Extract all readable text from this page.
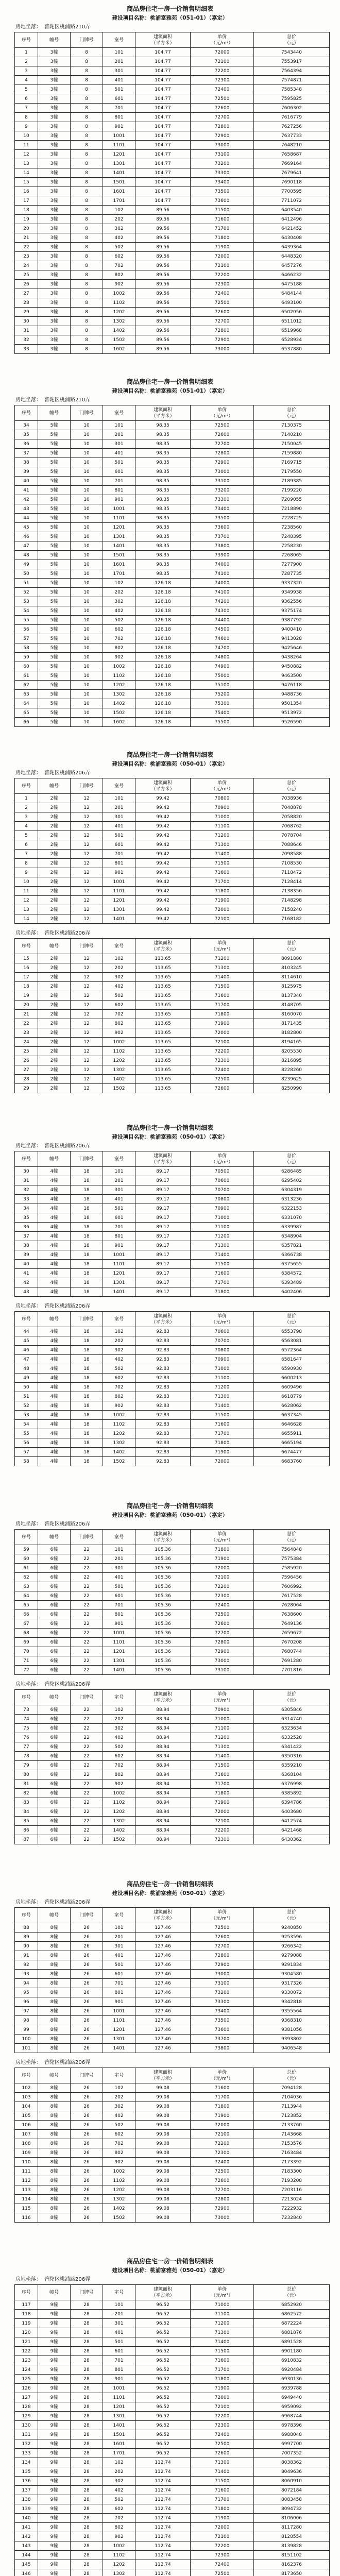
商品房住宅一房一价销售明细表
建设项目名称：桃浦富雅苑（051-01）（嘉定）
房地坐落： 普陀区桃浦路210弄
序号	幢号	门牌号	室号	建筑面积
（平方米）	单价
（元/m²）	总价
（元）
1	3幢	8	101	104.77	72000	7543440
2	3幢	8	201	104.77	72100	7553917
3	3幢	8	301	104.77	72200	7564394
4	3幢	8	401	104.77	72300	7574871
5	3幢	8	501	104.77	72400	7585348
6	3幢	8	601	104.77	72500	7595825
7	3幢	8	701	104.77	72600	7606302
8	3幢	8	801	104.77	72700	7616779
9	3幢	8	901	104.77	72800	7627256
10	3幢	8	1001	104.77	72900	7637733
11	3幢	8	1101	104.77	73000	7648210
12	3幢	8	1201	104.77	73100	7658687
13	3幢	8	1301	104.77	73200	7669164
14	3幢	8	1401	104.77	73300	7679641
15	3幢	8	1501	104.77	73400	7690118
16	3幢	8	1601	104.77	73500	7700595
17	3幢	8	1701	104.77	73600	7711072
18	3幢	8	102	89.56	71500	6403540
19	3幢	8	202	89.56	71600	6412496
20	3幢	8	302	89.56	71700	6421452
21	3幢	8	402	89.56	71800	6430408
22	3幢	8	502	89.56	71900	6439364
23	3幢	8	602	89.56	72000	6448320
24	3幢	8	702	89.56	72100	6457276
25	3幢	8	802	89.56	72200	6466232
26	3幢	8	902	89.56	72300	6475188
27	3幢	8	1002	89.56	72400	6484144
28	3幢	8	1102	89.56	72500	6493100
29	3幢	8	1202	89.56	72600	6502056
30	3幢	8	1302	89.56	72700	6511012
31	3幢	8	1402	89.56	72800	6519968
32	3幢	8	1502	89.56	72900	6528924
33	3幢	8	1602	89.56	73000	6537880
商品房住宅一房一价销售明细表
建设项目名称：桃浦富雅苑（051-01）（嘉定）
房地坐落： 普陀区桃浦路210弄
序号	幢号	门牌号	室号	建筑面积
（平方米）	单价
（元/m²）	总价
（元）
34	5幢	10	101	98.35	72500	7130375
35	5幢	10	201	98.35	72600	7140210
36	5幢	10	301	98.35	72700	7150045
37	5幢	10	401	98.35	72800	7159880
38	5幢	10	501	98.35	72900	7169715
39	5幢	10	601	98.35	73000	7179550
40	5幢	10	701	98.35	73100	7189385
41	5幢	10	801	98.35	73200	7199220
42	5幢	10	901	98.35	73300	7209055
43	5幢	10	1001	98.35	73400	7218890
44	5幢	10	1101	98.35	73500	7228725
45	5幢	10	1201	98.35	73600	7238560
46	5幢	10	1301	98.35	73700	7248395
47	5幢	10	1401	98.35	73800	7258230
48	5幢	10	1501	98.35	73900	7268065
49	5幢	10	1601	98.35	74000	7277900
50	5幢	10	1701	98.35	74100	7287735
51	5幢	10	102	126.18	74000	9337320
52	5幢	10	202	126.18	74100	9349938
53	5幢	10	302	126.18	74200	9362556
54	5幢	10	402	126.18	74300	9375174
55	5幢	10	502	126.18	74400	9387792
56	5幢	10	602	126.18	74500	9400410
57	5幢	10	702	126.18	74600	9413028
58	5幢	10	802	126.18	74700	9425646
59	5幢	10	902	126.18	74800	9438264
60	5幢	10	1002	126.18	74900	9450882
61	5幢	10	1102	126.18	75000	9463500
62	5幢	10	1202	126.18	75100	9476118
63	5幢	10	1302	126.18	75200	9488736
64	5幢	10	1402	126.18	75300	9501354
65	5幢	10	1502	126.18	75400	9513972
66	5幢	10	1602	126.18	75500	9526590
商品房住宅一房一价销售明细表
建设项目名称：桃浦富雅苑（050-01）（嘉定）
房地坐落： 普陀区桃浦路206弄
序号	幢号	门牌号	室号	建筑面积
（平方米）	单价
（元/m²）	总价
（元）
1	2幢	12	101	99.42	70800	7038936
2	2幢	12	201	99.42	70900	7048878
3	2幢	12	301	99.42	71000	7058820
4	2幢	12	401	99.42	71100	7068762
5	2幢	12	501	99.42	71200	7078704
6	2幢	12	601	99.42	71300	7088646
7	2幢	12	701	99.42	71400	7098588
8	2幢	12	801	99.42	71500	7108530
9	2幢	12	901	99.42	71600	7118472
10	2幢	12	1001	99.42	71700	7128414
11	2幢	12	1101	99.42	71800	7138356
12	2幢	12	1201	99.42	71900	7148298
13	2幢	12	1301	99.42	72000	7158240
14	2幢	12	1401	99.42	72100	7168182
房地坐落： 普陀区桃浦路206弄
序号	幢号	门牌号	室号	建筑面积
（平方米）	单价
（元/m²）	总价
（元）
15	2幢	12	102	113.65	71200	8091880
16	2幢	12	202	113.65	71300	8103245
17	2幢	12	302	113.65	71400	8114610
18	2幢	12	402	113.65	71500	8125975
19	2幢	12	502	113.65	71600	8137340
20	2幢	12	602	113.65	71700	8148705
21	2幢	12	702	113.65	71800	8160070
22	2幢	12	802	113.65	71900	8171435
23	2幢	12	902	113.65	72000	8182800
24	2幢	12	1002	113.65	72100	8194165
25	2幢	12	1102	113.65	72200	8205530
26	2幢	12	1202	113.65	72300	8216895
27	2幢	12	1302	113.65	72400	8228260
28	2幢	12	1402	113.65	72500	8239625
29	2幢	12	1502	113.65	72600	8250990
商品房住宅一房一价销售明细表
建设项目名称：桃浦富雅苑（050-01）（嘉定）
房地坐落： 普陀区桃浦路206弄
序号	幢号	门牌号	室号	建筑面积
（平方米）	单价
（元/m²）	总价
（元）
30	4幢	18	101	89.17	70500	6286485
31	4幢	18	201	89.17	70600	6295402
32	4幢	18	301	89.17	70700	6304319
33	4幢	18	401	89.17	70800	6313236
34	4幢	18	501	89.17	70900	6322153
35	4幢	18	601	89.17	71000	6331070
36	4幢	18	701	89.17	71100	6339987
37	4幢	18	801	89.17	71200	6348904
38	4幢	18	901	89.17	71300	6357821
39	4幢	18	1001	89.17	71400	6366738
40	4幢	18	1101	89.17	71500	6375655
41	4幢	18	1201	89.17	71600	6384572
42	4幢	18	1301	89.17	71700	6393489
43	4幢	18	1401	89.17	71800	6402406
房地坐落： 普陀区桃浦路206弄
序号	幢号	门牌号	室号	建筑面积
（平方米）	单价
（元/m²）	总价
（元）
44	4幢	18	102	92.83	70600	6553798
45	4幢	18	202	92.83	70700	6563081
46	4幢	18	302	92.83	70800	6572364
47	4幢	18	402	92.83	70900	6581647
48	4幢	18	502	92.83	71000	6590930
49	4幢	18	602	92.83	71100	6600213
50	4幢	18	702	92.83	71200	6609496
51	4幢	18	802	92.83	71300	6618779
52	4幢	18	902	92.83	71400	6628062
53	4幢	18	1002	92.83	71500	6637345
54	4幢	18	1102	92.83	71600	6646628
55	4幢	18	1202	92.83	71700	6655911
56	4幢	18	1302	92.83	71800	6665194
57	4幢	18	1402	92.83	71900	6674477
58	4幢	18	1502	92.83	72000	6683760
商品房住宅一房一价销售明细表
建设项目名称：桃浦富雅苑（050-01）（嘉定）
房地坐落： 普陀区桃浦路206弄
序号	幢号	门牌号	室号	建筑面积
（平方米）	单价
（元/m²）	总价
（元）
59	6幢	22	101	105.36	71800	7564848
60	6幢	22	201	105.36	71900	7575384
61	6幢	22	301	105.36	72000	7585920
62	6幢	22	401	105.36	72100	7596456
63	6幢	22	501	105.36	72200	7606992
64	6幢	22	601	105.36	72300	7617528
65	6幢	22	701	105.36	72400	7628064
66	6幢	22	801	105.36	72500	7638600
67	6幢	22	901	105.36	72600	7649136
68	6幢	22	1001	105.36	72700	7659672
69	6幢	22	1101	105.36	72800	7670208
70	6幢	22	1201	105.36	72900	7680744
71	6幢	22	1301	105.36	73000	7691280
72	6幢	22	1401	105.36	73100	7701816
房地坐落： 普陀区桃浦路206弄
序号	幢号	门牌号	室号	建筑面积
（平方米）	单价
（元/m²）	总价
（元）
73	6幢	22	102	88.94	70900	6305846
74	6幢	22	202	88.94	71000	6314740
75	6幢	22	302	88.94	71100	6323634
76	6幢	22	402	88.94	71200	6332528
77	6幢	22	502	88.94	71300	6341422
78	6幢	22	602	88.94	71400	6350316
79	6幢	22	702	88.94	71500	6359210
80	6幢	22	802	88.94	71600	6368104
81	6幢	22	902	88.94	71700	6376998
82	6幢	22	1002	88.94	71800	6385892
83	6幢	22	1102	88.94	71900	6394786
84	6幢	22	1202	88.94	72000	6403680
85	6幢	22	1302	88.94	72100	6412574
86	6幢	22	1402	88.94	72200	6421468
87	6幢	22	1502	88.94	72300	6430362
商品房住宅一房一价销售明细表
建设项目名称：桃浦富雅苑（050-01）（嘉定）
房地坐落： 普陀区桃浦路206弄
序号	幢号	门牌号	室号	建筑面积
（平方米）	单价
（元/m²）	总价
（元）
88	8幢	26	101	127.46	72500	9240850
89	8幢	26	201	127.46	72600	9253596
90	8幢	26	301	127.46	72700	9266342
91	8幢	26	401	127.46	72800	9279088
92	8幢	26	501	127.46	72900	9291834
93	8幢	26	601	127.46	73000	9304580
94	8幢	26	701	127.46	73100	9317326
95	8幢	26	801	127.46	73200	9330072
96	8幢	26	901	127.46	73300	9342818
97	8幢	26	1001	127.46	73400	9355564
98	8幢	26	1101	127.46	73500	9368310
99	8幢	26	1201	127.46	73600	9381056
100	8幢	26	1301	127.46	73700	9393802
101	8幢	26	1401	127.46	73800	9406548
房地坐落： 普陀区桃浦路206弄
序号	幢号	门牌号	室号	建筑面积
（平方米）	单价
（元/m²）	总价
（元）
102	8幢	26	102	99.08	71600	7094128
103	8幢	26	202	99.08	71700	7104036
104	8幢	26	302	99.08	71800	7113944
105	8幢	26	402	99.08	71900	7123852
106	8幢	26	502	99.08	72000	7133760
107	8幢	26	602	99.08	72100	7143668
108	8幢	26	702	99.08	72200	7153576
109	8幢	26	802	99.08	72300	7163484
110	8幢	26	902	99.08	72400	7173392
111	8幢	26	1002	99.08	72500	7183300
112	8幢	26	1102	99.08	72600	7193208
113	8幢	26	1202	99.08	72700	7203116
114	8幢	26	1302	99.08	72800	7213024
115	8幢	26	1402	99.08	72900	7222932
116	8幢	26	1502	99.08	73000	7232840
商品房住宅一房一价销售明细表
建设项目名称：桃浦富雅苑（050-01）（嘉定）
房地坐落： 普陀区桃浦路206弄
序号	幢号	门牌号	室号	建筑面积
（平方米）	单价
（元/m²）	总价
（元）
117	9幢	28	101	96.52	71000	6852920
118	9幢	28	201	96.52	71100	6862572
119	9幢	28	301	96.52	71200	6872224
120	9幢	28	401	96.52	71300	6881876
121	9幢	28	501	96.52	71400	6891528
122	9幢	28	601	96.52	71500	6901180
123	9幢	28	701	96.52	71600	6910832
124	9幢	28	801	96.52	71700	6920484
125	9幢	28	901	96.52	71800	6930136
126	9幢	28	1001	96.52	71900	6939788
127	9幢	28	1101	96.52	72000	6949440
128	9幢	28	1201	96.52	72100	6959092
129	9幢	28	1301	96.52	72200	6968744
130	9幢	28	1401	96.52	72300	6978396
131	9幢	28	1501	96.52	72400	6988048
132	9幢	28	1601	96.52	72500	6997700
133	9幢	28	1701	96.52	72600	7007352
134	9幢	28	102	112.74	71300	8038362
135	9幢	28	202	112.74	71400	8049636
136	9幢	28	302	112.74	71500	8060910
137	9幢	28	402	112.74	71600	8072184
138	9幢	28	502	112.74	71700	8083458
139	9幢	28	602	112.74	71800	8094732
140	9幢	28	702	112.74	71900	8106006
141	9幢	28	802	112.74	72000	8117280
142	9幢	28	902	112.74	72100	8128554
143	9幢	28	1002	112.74	72200	8139828
144	9幢	28	1102	112.74	72300	8151102
145	9幢	28	1202	112.74	72400	8162376
146	9幢	28	1302	112.74	72500	8173650
